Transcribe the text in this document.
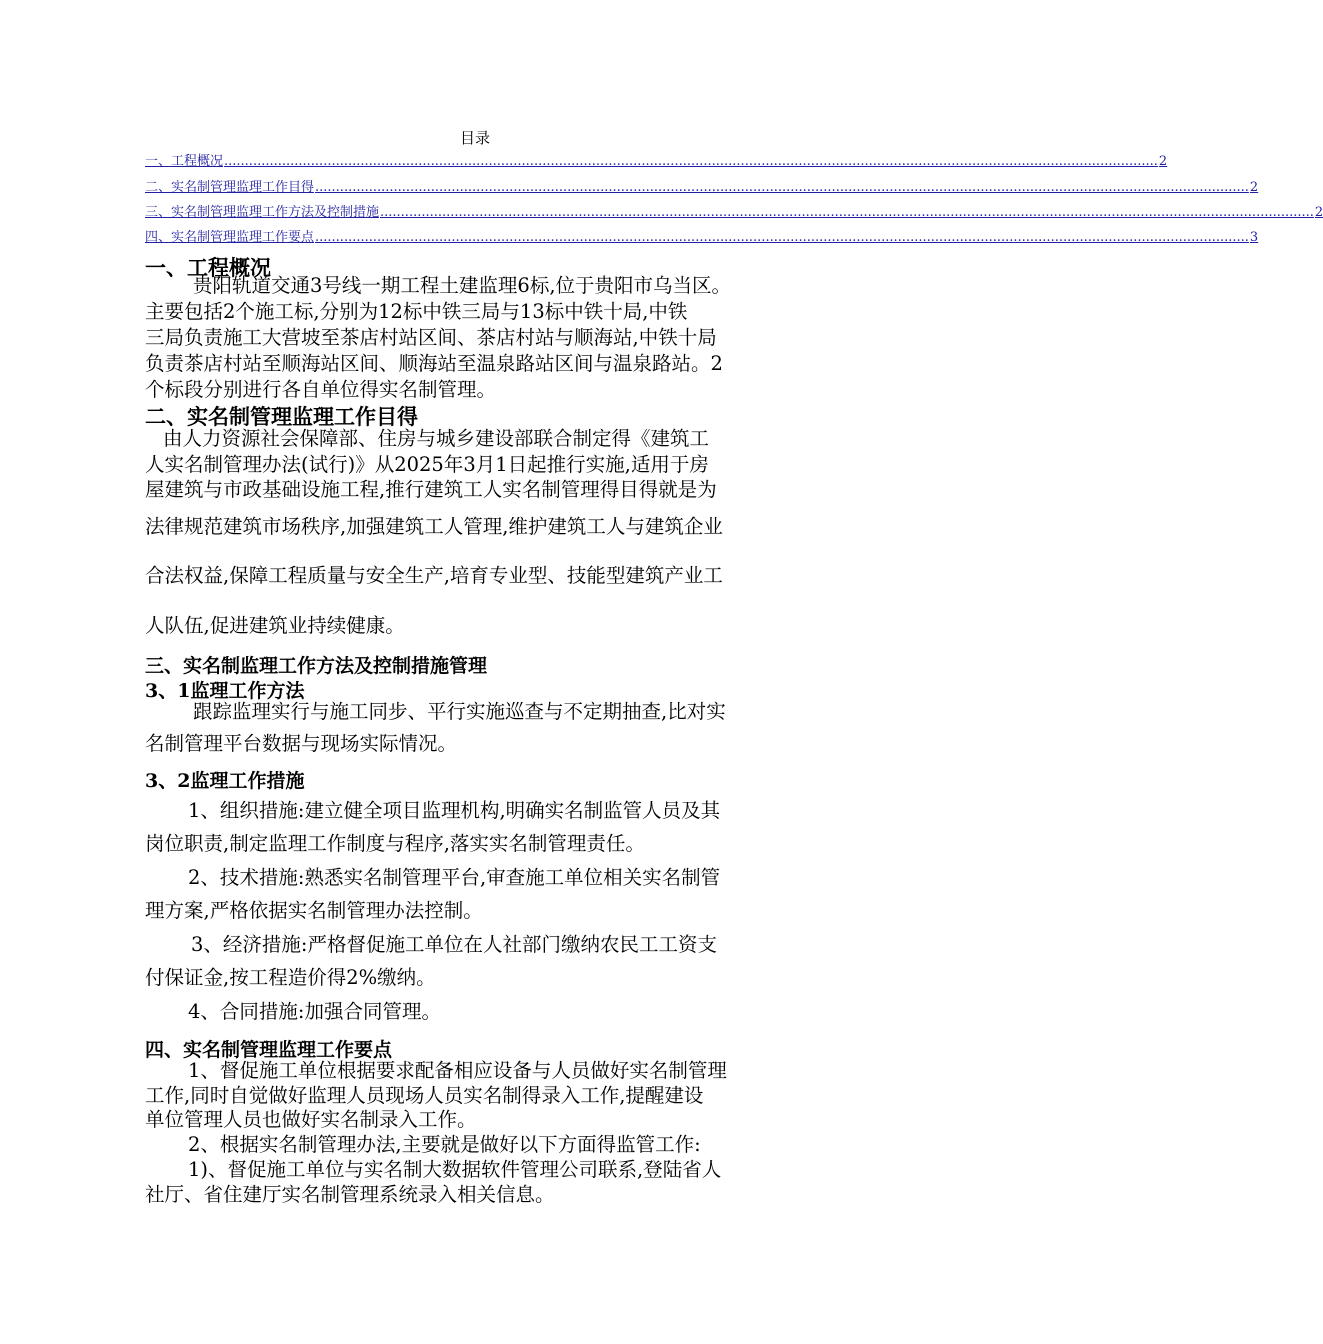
目录
一、工程概况 .................................................................................................................................................................................................................................. 2
二、实名制管理监理工作目得 .................................................................................................................................................................................................................................. 2
三、实名制管理监理工作方法及控制措施 .................................................................................................................................................................................................................................. 2
四、实名制管理监理工作要点 .................................................................................................................................................................................................................................. 3
一、工程概况
贵阳轨道交通3号线一期工程土建监理6标,位于贵阳市乌当区。
主要包括2个施工标,分别为12标中铁三局与13标中铁十局,中铁
三局负责施工大营坡至茶店村站区间、茶店村站与顺海站,中铁十局
负责茶店村站至顺海站区间、顺海站至温泉路站区间与温泉路站。2
个标段分别进行各自单位得实名制管理。
二、实名制管理监理工作目得
由人力资源社会保障部、住房与城乡建设部联合制定得《建筑工
人实名制管理办法(试行)》从2025年3月1日起推行实施,适用于房
屋建筑与市政基础设施工程,推行建筑工人实名制管理得目得就是为
法律规范建筑市场秩序,加强建筑工人管理,维护建筑工人与建筑企业
合法权益,保障工程质量与安全生产,培育专业型、技能型建筑产业工
人队伍,促进建筑业持续健康。
三、实名制监理工作方法及控制措施管理
3、1监理工作方法
跟踪监理实行与施工同步、平行实施巡查与不定期抽查,比对实
名制管理平台数据与现场实际情况。
3、2监理工作措施
1、组织措施:建立健全项目监理机构,明确实名制监管人员及其
岗位职责,制定监理工作制度与程序,落实实名制管理责任。
2、技术措施:熟悉实名制管理平台,审查施工单位相关实名制管
理方案,严格依据实名制管理办法控制。
3、经济措施:严格督促施工单位在人社部门缴纳农民工工资支
付保证金,按工程造价得2%缴纳。
4、合同措施:加强合同管理。
四、实名制管理监理工作要点
1、督促施工单位根据要求配备相应设备与人员做好实名制管理
工作,同时自觉做好监理人员现场人员实名制得录入工作,提醒建设
单位管理人员也做好实名制录入工作。
2、根据实名制管理办法,主要就是做好以下方面得监管工作:
1)、督促施工单位与实名制大数据软件管理公司联系,登陆省人
社厅、省住建厅实名制管理系统录入相关信息。
